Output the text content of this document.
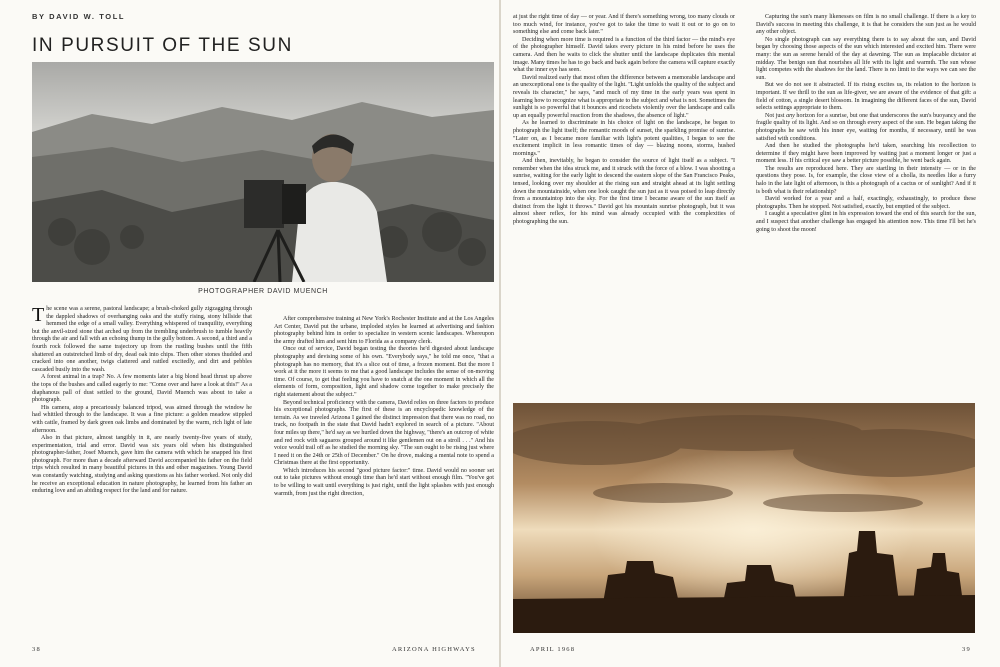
BY DAVID W. TOLL
IN PURSUIT OF THE SUN
PHOTOGRAPHER DAVID MUENCH

The scene was a serene, pastoral landscape; a brush-choked gully zigzagging through the dappled shadows of overhanging oaks and the stuffy rising, stony hillside that hemmed the edge of a small valley. Everything whispered of tranquility, everything but the anvil-sized stone that arched up from the trembling underbrush to tumble heavily through the air and fall with an echoing thump in the gully bottom. A second, a third and a fourth rock followed the same trajectory up from the rustling bushes until the fifth shattered an outstretched limb of dry, dead oak into chips. Then other stones thudded and cracked into one another, twigs clattered and rattled excitedly, and dirt and pebbles cascaded busily into the wash.

A forest animal in a trap? No. A few moments later a big blond head thrust up above the tops of the bushes and called eagerly to me: "Come over and have a look at this!" As a diaphanous pall of dust settled to the ground, David Muench was about to take a photograph.

His camera, atop a precariously balanced tripod, was aimed through the window he had whittled through to the landscape. It was a fine picture: a golden meadow stippled with cattle, framed by dark green oak limbs and dominated by the warm, rich light of late afternoon.

Also in that picture, almost tangibly in it, are nearly twenty-five years of study, experimentation, trial and error. David was six years old when his distinguished photographer-father, Josef Muench, gave him the camera with which he snapped his first photograph. For more than a decade afterward David accompanied his father on the field trips which resulted in many beautiful pictures in this and other magazines. Young David was constantly watching, studying and asking questions as his father worked. Not only did he receive an exceptional education in nature photography, he learned from his father an enduring love and an abiding respect for the land and for nature.

After comprehensive training at New York's Rochester Institute and at the Los Angeles Art Center, David put the urbane, imploded styles he learned at advertising and fashion photography behind him in order to specialize in western scenic landscapes. Whereupon the army drafted him and sent him to Florida as a company clerk.

Once out of service, David began testing the theories he'd digested about landscape photography and devising some of his own. "Everybody says," he told me once, "that a photograph has no memory, that it's a slice out of time, a frozen moment. But the more I work at it the more it seems to me that a good landscape includes the sense of on-moving time. Of course, to get that feeling you have to snatch at the one moment in which all the elements of form, composition, light and shadow come together to make precisely the right statement about the subject."

Beyond technical proficiency with the camera, David relies on three factors to produce his exceptional photographs. The first of these is an encyclopedic knowledge of the terrain. As we traveled Arizona I gained the distinct impression that there was no road, no track, no footpath in the state that David hadn't explored in search of a picture. "About four miles up there," he'd say as we hurtled down the highway, "there's an outcrop of white and red rock with saguaros grouped around it like gentlemen out on a stroll . . ." And his voice would trail off as he studied the morning sky. "The sun ought to be rising just where I need it on the 24th or 25th of December." On he drove, making a mental note to spend a Christmas there at the first opportunity.

Which introduces his second "good picture factor:" time. David would no sooner set out to take pictures without enough time than he'd start without enough film. "You've got to be willing to wait until everything is just right, until the light splashes with just enough warmth, from just the right direction,

at just the right time of day — or year. And if there's something wrong, too many clouds or too much wind, for instance, you've got to take the time to wait it out or to go on to something else and come back later."

Deciding when more time is required is a function of the third factor — the mind's eye of the photographer himself. David takes every picture in his mind before he uses the camera. And then he waits to click the shutter until the landscape duplicates this mental image. Many times he has to go back and back again before the camera will capture exactly what the inner eye has seen.

David realized early that most often the difference between a memorable landscape and an unexceptional one is the quality of the light. "Light unfolds the quality of the subject and reveals its character," he says, "and much of my time in the early years was spent in learning how to recognize what is appropriate to the subject and what is not. Sometimes the sunlight is so powerful that it bounces and ricochets violently over the landscape and calls up an equally powerful reaction from the shadows, the absence of light."

As he learned to discriminate in his choice of light on the landscape, he began to photograph the light itself; the romantic moods of sunset, the sparkling promise of sunrise. "Later on, as I became more familiar with light's potent qualities, I began to see the excitement implicit in less romantic times of day — blazing noons, storms, hushed mornings."

And then, inevitably, he began to consider the source of light itself as a subject. "I remember when the idea struck me, and it struck with the force of a blow. I was shooting a sunrise, waiting for the early light to descend the eastern slope of the San Francisco Peaks, tensed, looking over my shoulder at the rising sun and straight ahead at its light settling down the mountainside, when one look caught the sun just as it was poised to leap directly from a mountaintop into the sky. For the first time I became aware of the sun itself as distinct from the light it throws." David got his mountain sunrise photograph, but it was almost sheer reflex, for his mind was already occupied with the complexities of photographing the sun.

Capturing the sun's many likenesses on film is no small challenge. If there is a key to David's success in meeting this challenge, it is that he considers the sun just as he would any other object.

No single photograph can say everything there is to say about the sun, and David began by choosing those aspects of the sun which interested and excited him. There were many: the sun as serene herald of the day at dawning. The sun as implacable dictator at midday. The benign sun that nourishes all life with its light and warmth. The sun whose light competes with the shadows for the land. There is no limit to the ways we can see the sun.

But we do not see it abstracted. If its rising excites us, its relation to the horizon is important. If we thrill to the sun as life-giver, we are aware of the evidence of that gift: a field of cotton, a single desert blossom. In imagining the different faces of the sun, David selects settings appropriate to them.

Not just any horizon for a sunrise, but one that underscores the sun's buoyancy and the fragile quality of its light. And so on through every aspect of the sun. He began taking the photographs he saw with his inner eye, waiting for months, if necessary, until he was satisfied with conditions.

And then he studied the photographs he'd taken, searching his recollection to determine if they might have been improved by waiting just a moment longer or just a moment less. If his critical eye saw a better picture possible, he went back again.

The results are reproduced here. They are startling in their intensity — or in the questions they pose. Is, for example, the close view of a cholla, its needles like a furry halo in the late light of afternoon, is this a photograph of a cactus or of sunlight? And if it is both what is their relationship?

David worked for a year and a half, exactingly, exhaustingly, to produce these photographs. Then he stopped. Not satisfied, exactly, but emptied of the subject.

I caught a speculative glint in his expression toward the end of this search for the sun, and I suspect that another challenge has engaged his attention now. This time I'll bet he's going to shoot the moon!

38	ARIZONA HIGHWAYS	APRIL 1968	39
